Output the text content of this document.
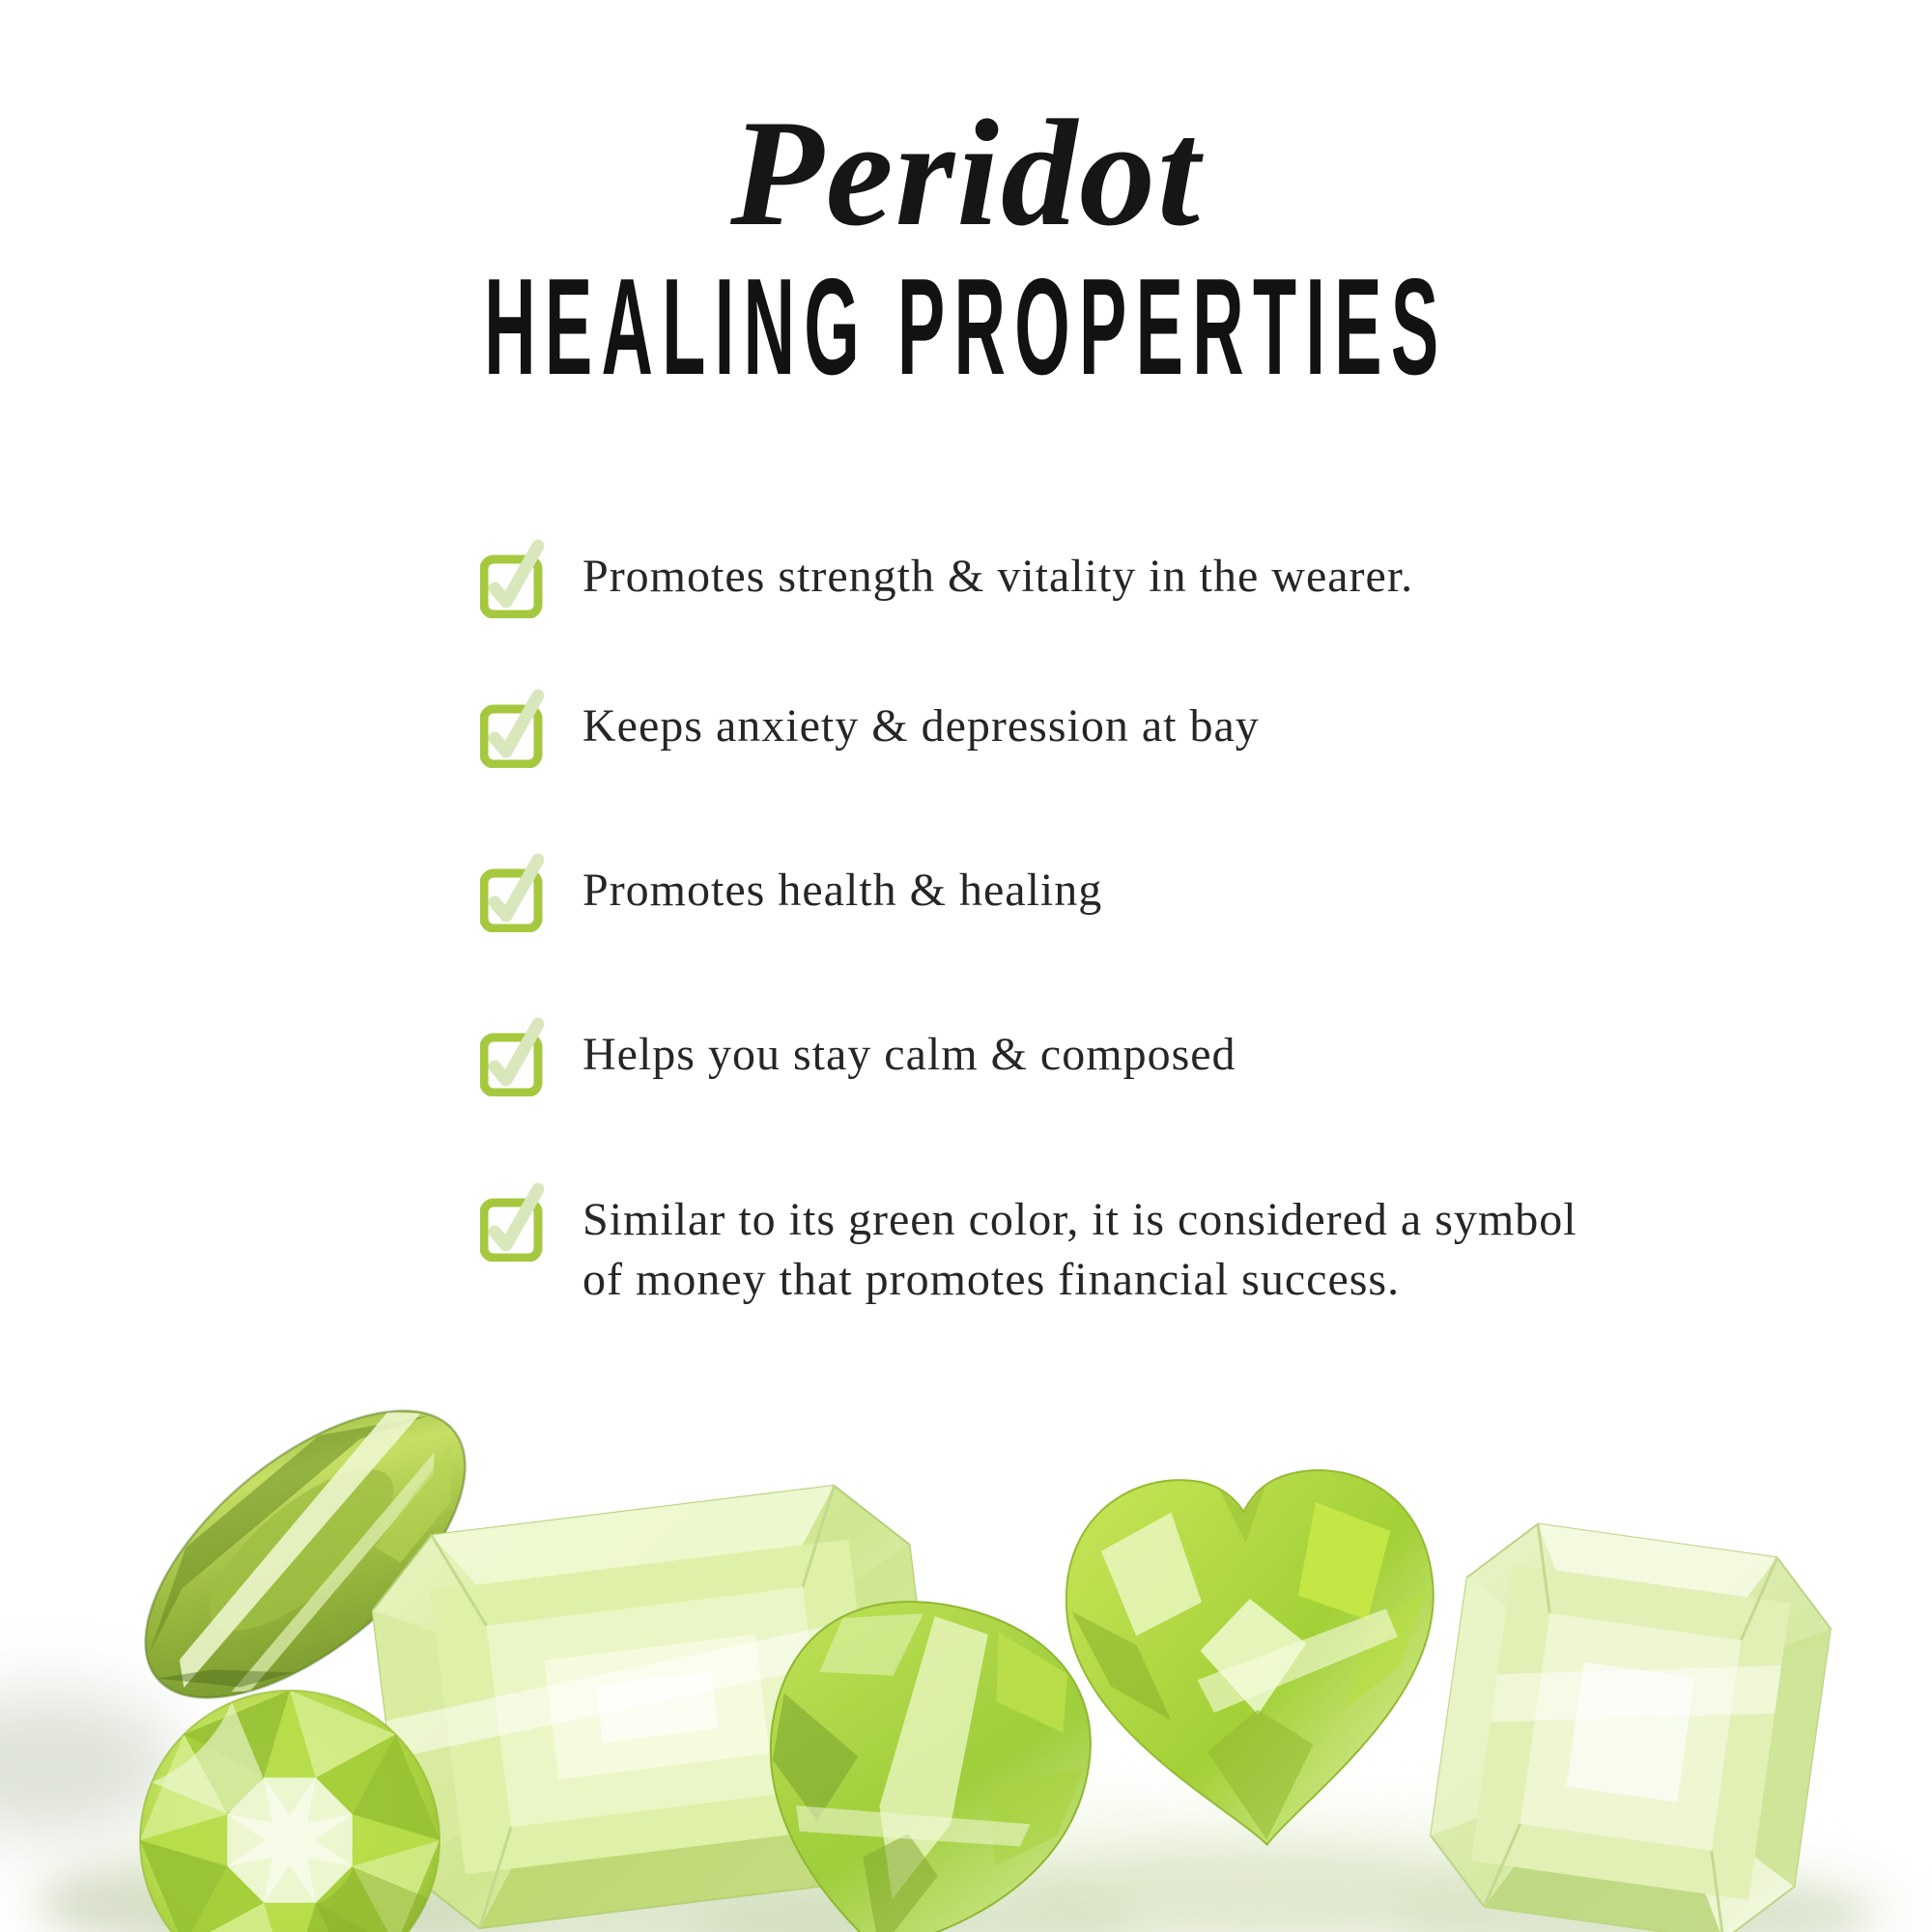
Peridot
HEALING PROPERTIES
Promotes strength & vitality in the wearer.
Keeps anxiety & depression at bay
Promotes health & healing
Helps you stay calm & composed
Similar to its green color, it is considered a symbol of money that promotes financial success.
